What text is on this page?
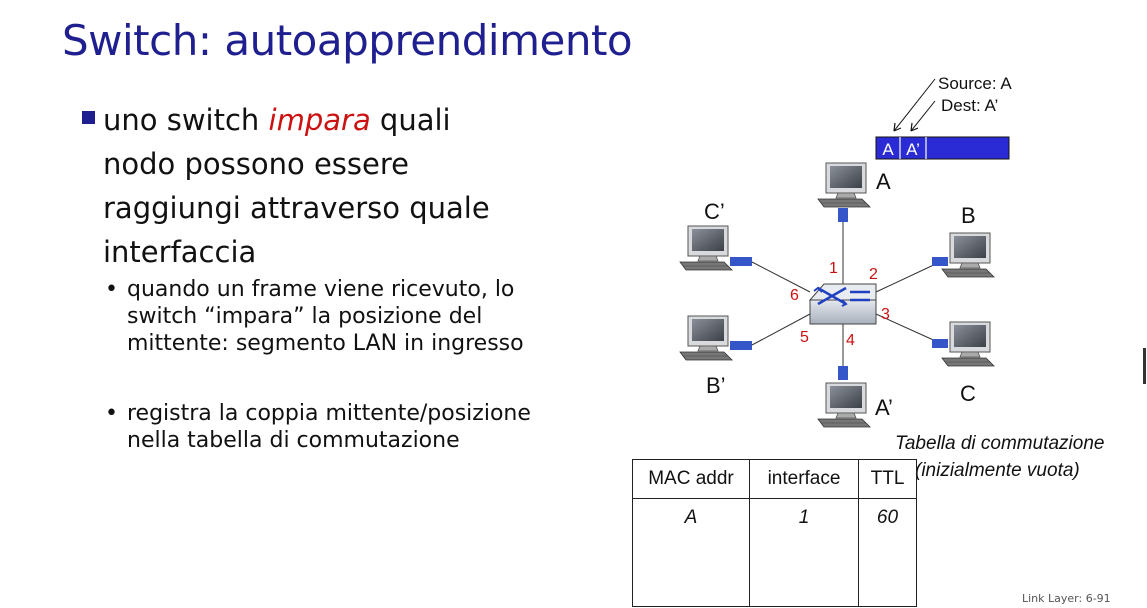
Switch: autoapprendimento
uno switch impara quali nodo possono essere raggiungi attraverso quale interfaccia
• quando un frame viene ricevuto, lo switch “impara” la posizione del mittente: segmento LAN in ingresso
• registra la coppia mittente/posizione nella tabella di commutazione
A A’
Source: A
Dest: A’
A
B
C’
B’	C
A’
1 2
3
4
5
6
Tabella di commutazione
(inizialmente vuota)
MAC addr	interface	TTL
A	1	60
Link Layer: 6-91
